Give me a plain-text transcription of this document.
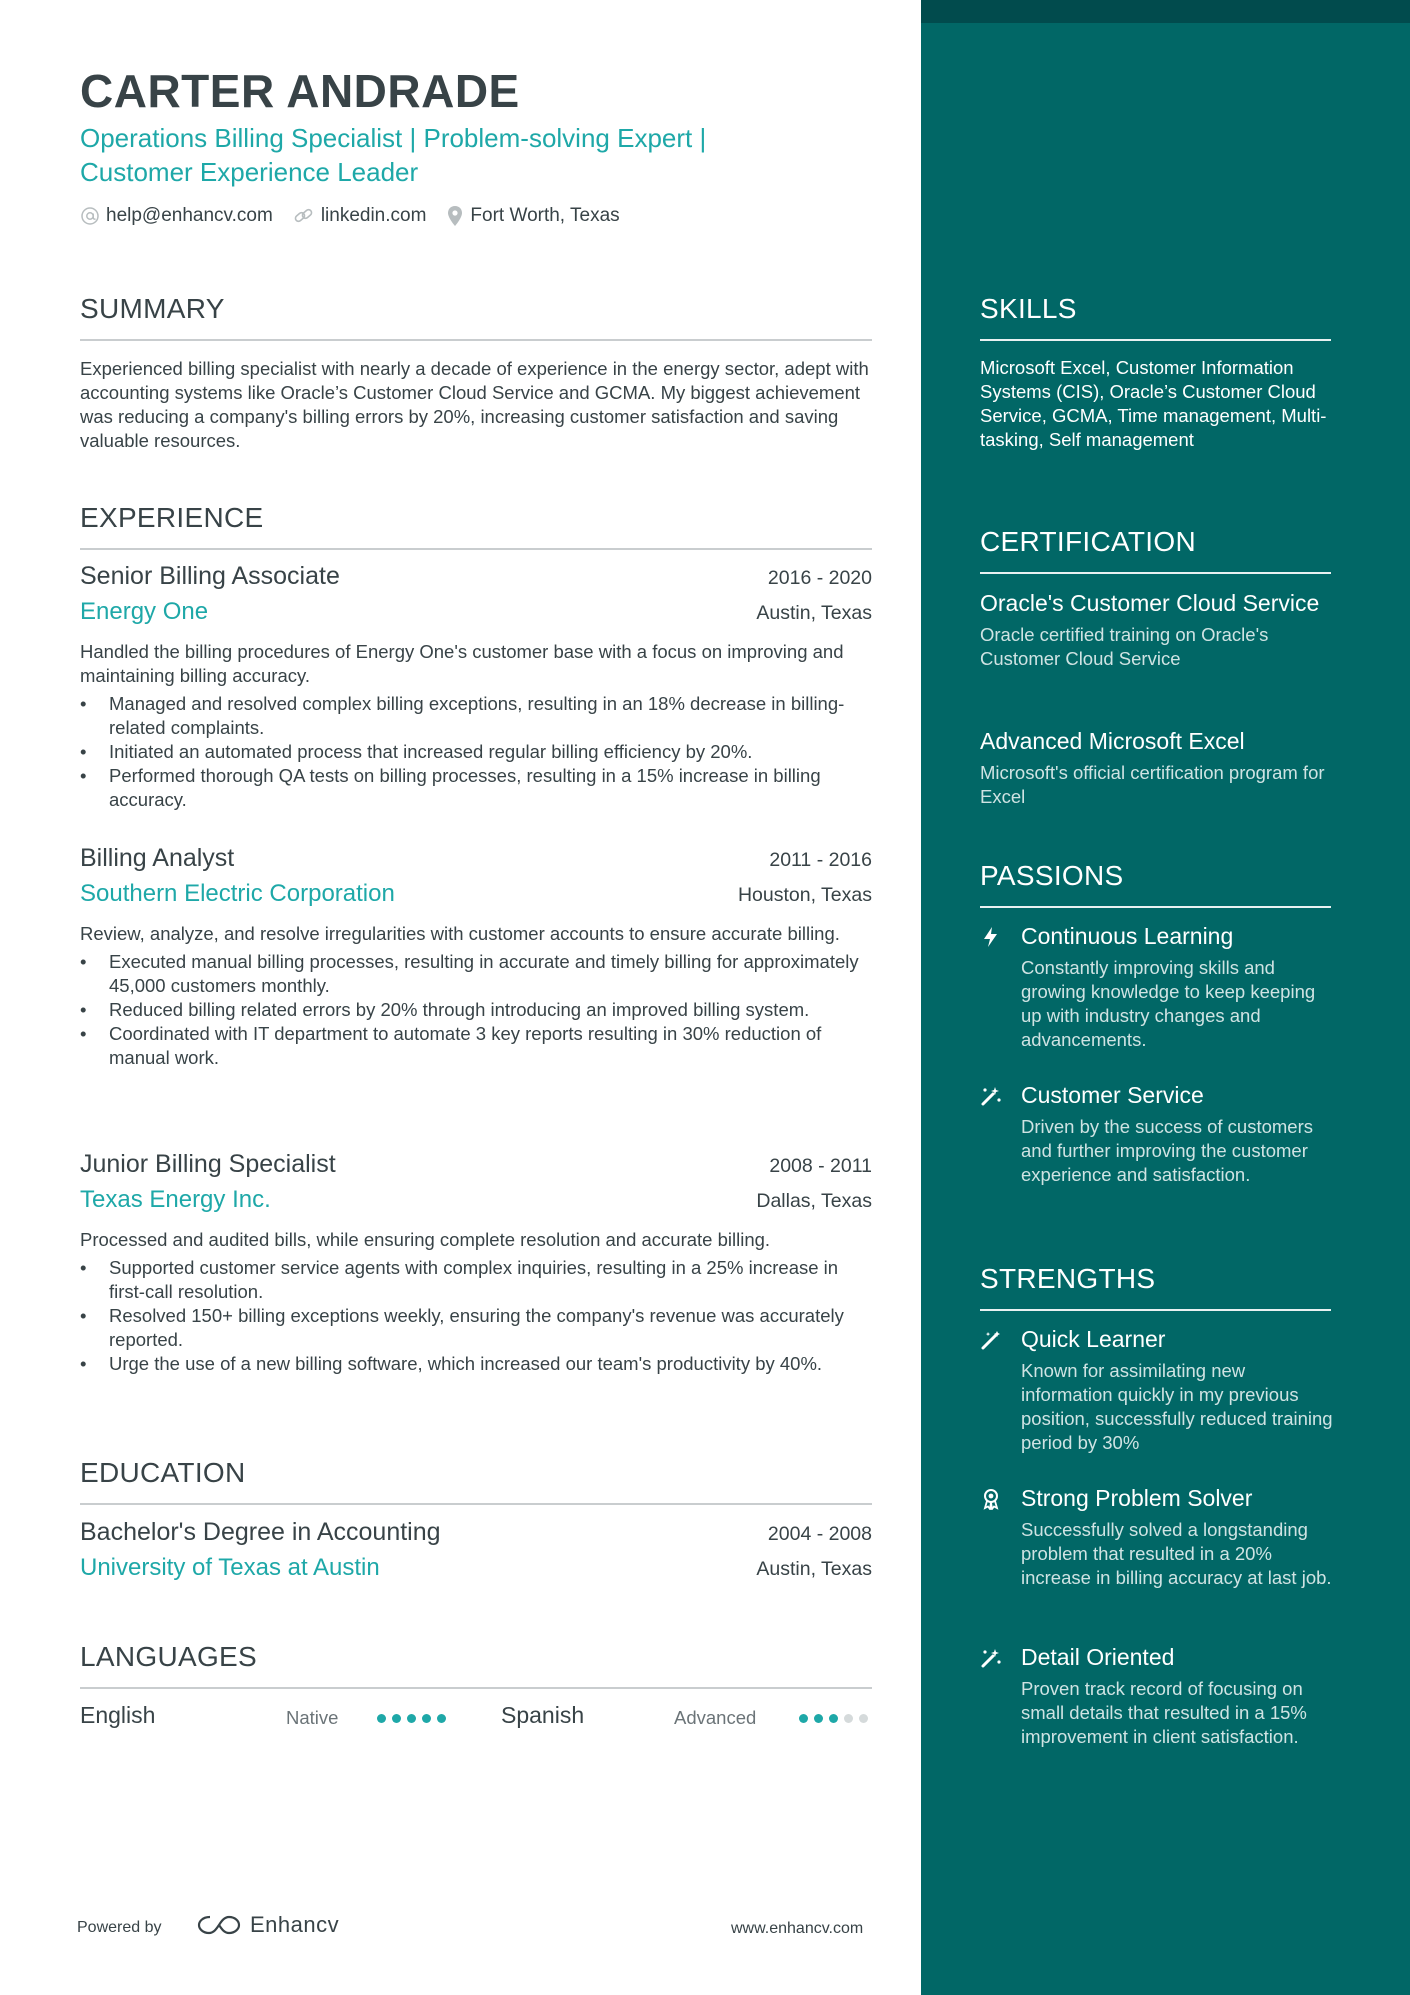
CARTER ANDRADE
Operations Billing Specialist | Problem-solving Expert |
Customer Experience Leader
help@enhancv.com	linkedin.com Fort Worth, Texas
SUMMARY
Experienced billing specialist with nearly a decade of experience in the energy sector, adept with accounting systems like Oracle’s Customer Cloud Service and GCMA. My biggest achievement was reducing a company's billing errors by 20%, increasing customer satisfaction and saving valuable resources.
EXPERIENCE
Senior Billing Associate	2016 - 2020
Energy One	Austin, Texas
Handled the billing procedures of Energy One's customer base with a focus on improving and maintaining billing accuracy.
• Managed and resolved complex billing exceptions, resulting in an 18% decrease in billing-related complaints.
• Initiated an automated process that increased regular billing efficiency by 20%.
• Performed thorough QA tests on billing processes, resulting in a 15% increase in billing accuracy.
Billing Analyst	2011 - 2016
Southern Electric Corporation	Houston, Texas
Review, analyze, and resolve irregularities with customer accounts to ensure accurate billing.
• Executed manual billing processes, resulting in accurate and timely billing for approximately 45,000 customers monthly.
• Reduced billing related errors by 20% through introducing an improved billing system.
• Coordinated with IT department to automate 3 key reports resulting in 30% reduction of manual work.
Junior Billing Specialist	2008 - 2011
Texas Energy Inc.	Dallas, Texas
Processed and audited bills, while ensuring complete resolution and accurate billing.
• Supported customer service agents with complex inquiries, resulting in a 25% increase in first-call resolution.
• Resolved 150+ billing exceptions weekly, ensuring the company's revenue was accurately reported.
• Urge the use of a new billing software, which increased our team's productivity by 40%.
EDUCATION
Bachelor's Degree in Accounting	2004 - 2008
University of Texas at Austin	Austin, Texas
LANGUAGES
English	Native	Spanish	Advanced
Powered by	Enhancv	www.enhancv.com
SKILLS
Microsoft Excel, Customer Information Systems (CIS), Oracle’s Customer Cloud Service, GCMA, Time management, Multi-tasking, Self management
CERTIFICATION
Oracle's Customer Cloud Service
Oracle certified training on Oracle's Customer Cloud Service
Advanced Microsoft Excel
Microsoft's official certification program for Excel
PASSIONS
Continuous Learning
Constantly improving skills and growing knowledge to keep keeping up with industry changes and advancements.
Customer Service
Driven by the success of customers and further improving the customer experience and satisfaction.
STRENGTHS
Quick Learner
Known for assimilating new information quickly in my previous position, successfully reduced training period by 30%
Strong Problem Solver
Successfully solved a longstanding problem that resulted in a 20% increase in billing accuracy at last job.
Detail Oriented
Proven track record of focusing on small details that resulted in a 15% improvement in client satisfaction.
